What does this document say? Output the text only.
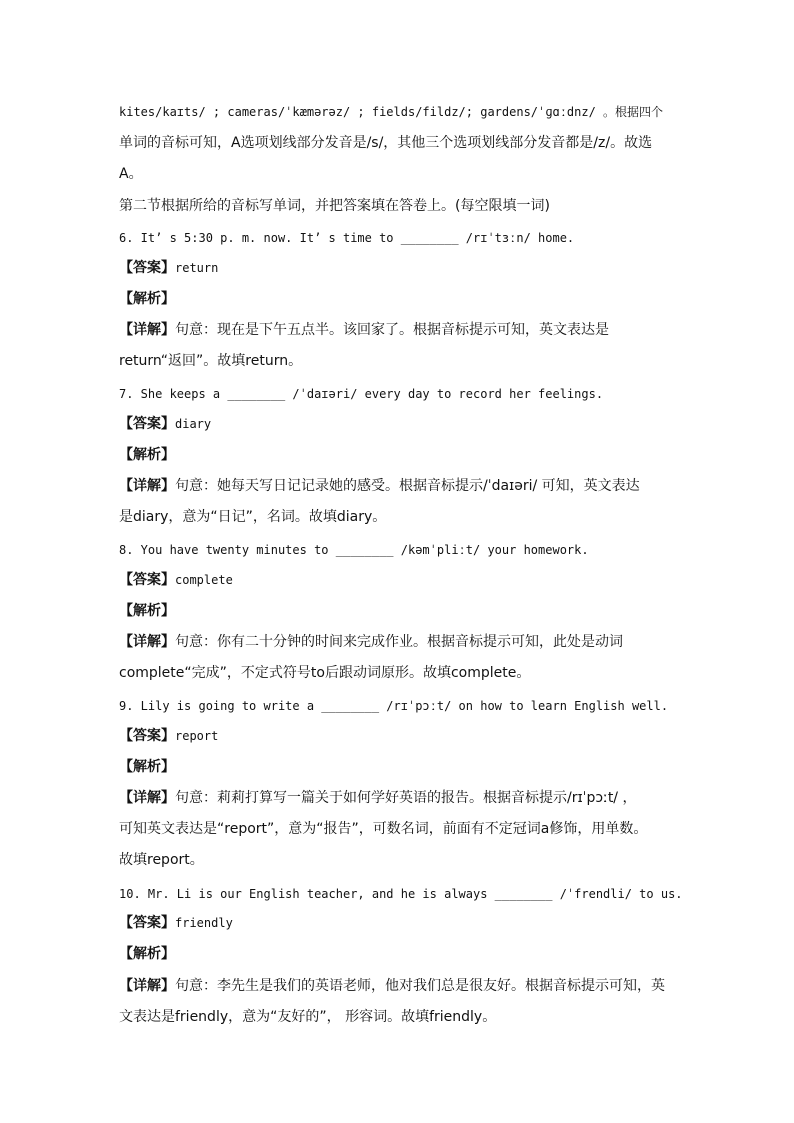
kites/kaɪts/ ; cameras/ˈkæmərəz/ ; fields/fildz/; gardens/ˈɡɑːdnz/ 。根据四个
单词的音标可知，A选项划线部分发音是/s/，其他三个选项划线部分发音都是/z/。故选
A。
第二节根据所给的音标写单词，并把答案填在答卷上。(每空限填一词)
6. It’ s 5:30 p. m. now. It’ s time to ________ /rɪˈtɜːn/ home.
【答案】return
【解析】
【详解】句意：现在是下午五点半。该回家了。根据音标提示可知，英文表达是
return“返回”。故填return。
7. She keeps a ________ /ˈdaɪəri/ every day to record her feelings.
【答案】diary
【解析】
【详解】句意：她每天写日记记录她的感受。根据音标提示/ˈdaɪəri/ 可知，英文表达
是diary，意为“日记”，名词。故填diary。
8. You have twenty minutes to ________ /kəmˈpliːt/ your homework.
【答案】complete
【解析】
【详解】句意：你有二十分钟的时间来完成作业。根据音标提示可知，此处是动词
complete“完成”，不定式符号to后跟动词原形。故填complete。
9. Lily is going to write a ________ /rɪˈpɔːt/ on how to learn English well.
【答案】report
【解析】
【详解】句意：莉莉打算写一篇关于如何学好英语的报告。根据音标提示/rɪˈpɔːt/ ，
可知英文表达是“report”，意为“报告”，可数名词，前面有不定冠词a修饰，用单数。
故填report。
10. Mr. Li is our English teacher, and he is always ________ /ˈfrendli/ to us.
【答案】friendly
【解析】
【详解】句意：李先生是我们的英语老师，他对我们总是很友好。根据音标提示可知，英
文表达是friendly，意为“友好的”， 形容词。故填friendly。
